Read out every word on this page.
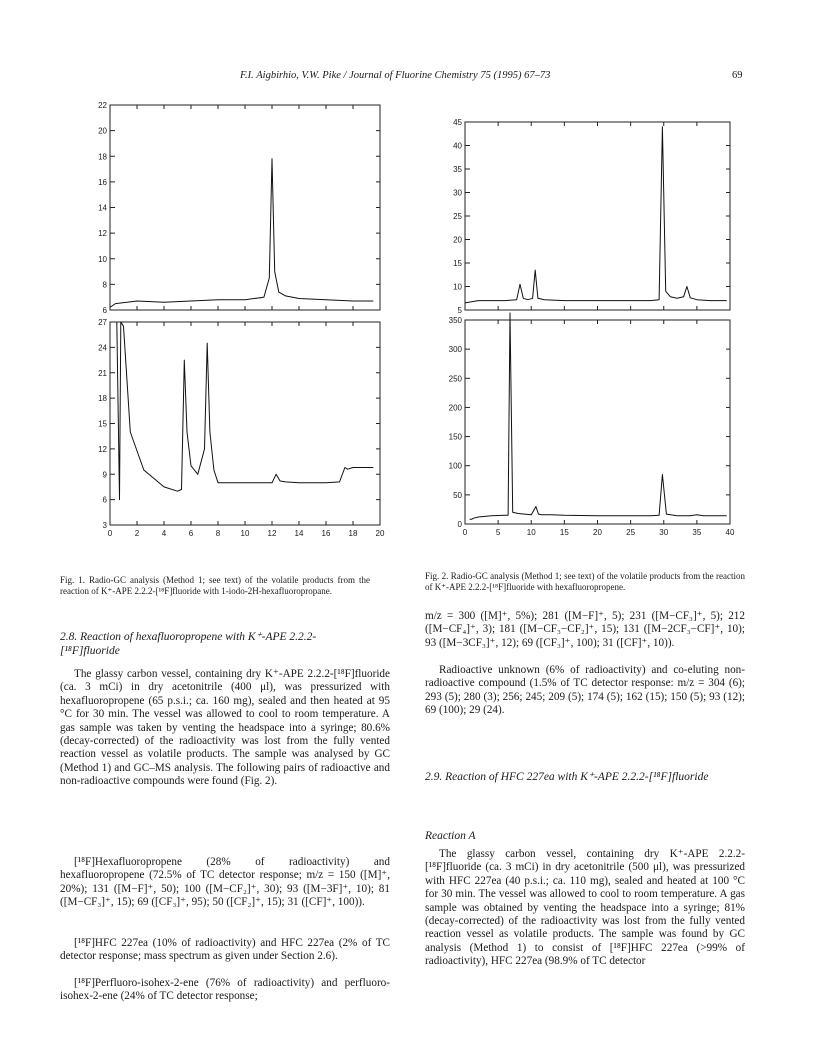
F.I. Aigbirhio, V.W. Pike / Journal of Fluorine Chemistry 75 (1995) 67–73	69
6
8
10
12
14
16
18
20
22
3
6
9
12
15
18
21
24
27
0	2	4	6	8	10 12 14 16 18 20
5
10
15
20
25
30
35
40
45
0
50
100
150
200
250
300
350
0	5	10	15	20	25	30	35	40
Fig. 1. Radio-GC analysis (Method 1; see text) of the volatile products from the reaction of K⁺-APE 2.2.2-[¹⁸F]fluoride with 1-iodo-2H-hexafluoropropane.
Fig. 2. Radio-GC analysis (Method 1; see text) of the volatile products from the reaction of K⁺-APE 2.2.2-[¹⁸F]fluoride with hexafluoropropene.
2.8. Reaction of hexafluoropropene with K⁺-APE 2.2.2-[¹⁸F]fluoride
The glassy carbon vessel, containing dry K⁺-APE 2.2.2-[¹⁸F]fluoride (ca. 3 mCi) in dry acetonitrile (400 μl), was pressurized with hexafluoropropene (65 p.s.i.; ca. 160 mg), sealed and then heated at 95 °C for 30 min. The vessel was allowed to cool to room temperature. A gas sample was taken by venting the headspace into a syringe; 80.6% (decay-corrected) of the radioactivity was lost from the fully vented reaction vessel as volatile products. The sample was analysed by GC (Method 1) and GC–MS analysis. The following pairs of radioactive and non-radioactive compounds were found (Fig. 2).
[¹⁸F]Hexafluoropropene (28% of radioactivity) and hexafluoropropene (72.5% of TC detector response; m/z = 150 ([M]⁺, 20%); 131 ([M−F]⁺, 50); 100 ([M−CF₂]⁺, 30); 93 ([M−3F]⁺, 10); 81 ([M−CF₃]⁺, 15); 69 ([CF₃]⁺, 95); 50 ([CF₂]⁺, 15); 31 ([CF]⁺, 100)).
[¹⁸F]HFC 227ea (10% of radioactivity) and HFC 227ea (2% of TC detector response; mass spectrum as given under Section 2.6).
[¹⁸F]Perfluoro-isohex-2-ene (76% of radioactivity) and perfluoro-isohex-2-ene (24% of TC detector response;
m/z = 300 ([M]⁺, 5%); 281 ([M−F]⁺, 5); 231 ([M−CF₃]⁺, 5); 212 ([M−CF₄]⁺, 3); 181 ([M−CF₃−CF₂]⁺, 15); 131 ([M−2CF₃−CF]⁺, 10); 93 ([M−3CF₃]⁺, 12); 69 ([CF₃]⁺, 100); 31 ([CF]⁺, 10)).
Radioactive unknown (6% of radioactivity) and co-eluting non-radioactive compound (1.5% of TC detector response: m/z = 304 (6); 293 (5); 280 (3); 256; 245; 209 (5); 174 (5); 162 (15); 150 (5); 93 (12); 69 (100); 29 (24).
2.9. Reaction of HFC 227ea with K⁺-APE 2.2.2-[¹⁸F]fluoride
Reaction A
The glassy carbon vessel, containing dry K⁺-APE 2.2.2-[¹⁸F]fluoride (ca. 3 mCi) in dry acetonitrile (500 μl), was pressurized with HFC 227ea (40 p.s.i.; ca. 110 mg), sealed and heated at 100 °C for 30 min. The vessel was allowed to cool to room temperature. A gas sample was obtained by venting the headspace into a syringe; 81% (decay-corrected) of the radioactivity was lost from the fully vented reaction vessel as volatile products. The sample was found by GC analysis (Method 1) to consist of [¹⁸F]HFC 227ea (>99% of radioactivity), HFC 227ea (98.9% of TC detector
